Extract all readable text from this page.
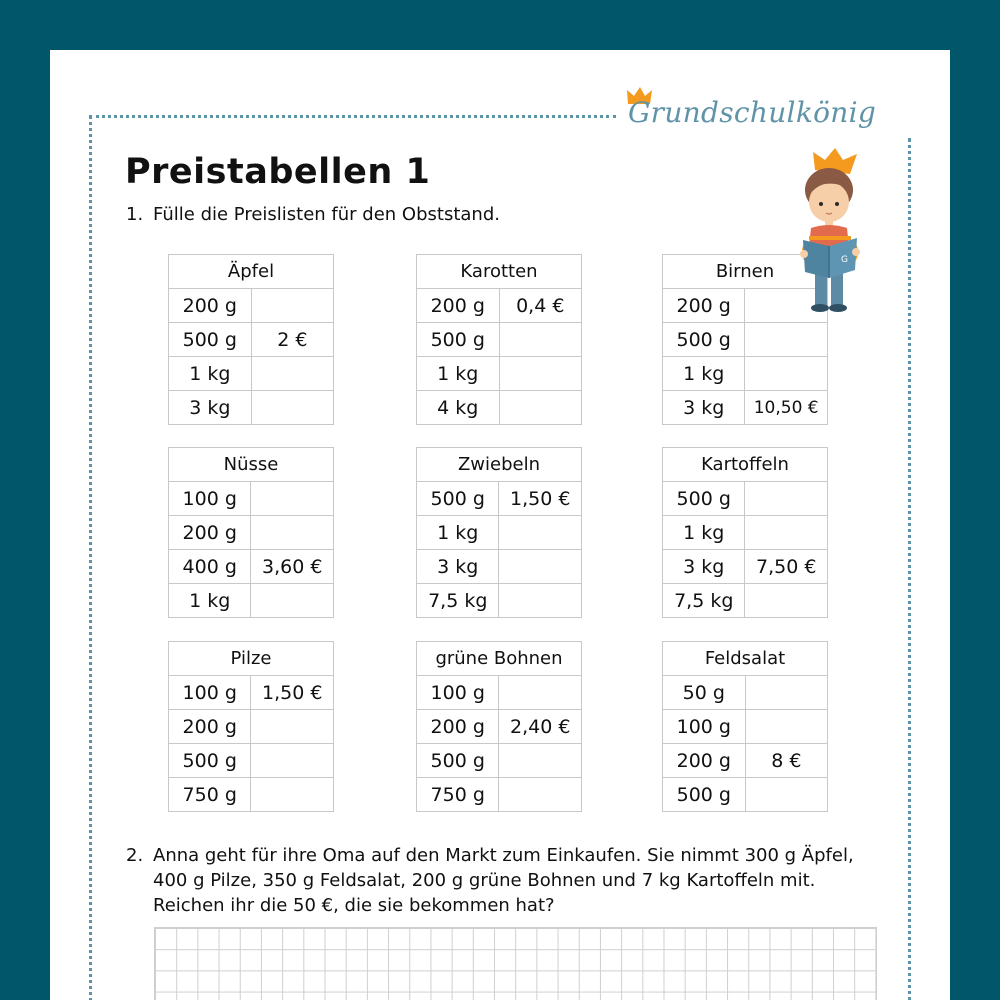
Grundschulkönig
Preistabellen 1
1. Fülle die Preislisten für den Obststand.
Äpfel	
200 g	
500 g	2 €
1 kg	
3 kg	
Karotten	
200 g	0,4 €
500 g	
1 kg	
4 kg	
Birnen	
200 g	
500 g	
1 kg	
3 kg	10,50 €
Nüsse	
100 g	
200 g	
400 g	3,60 €
1 kg	
Zwiebeln	
500 g	1,50 €
1 kg	
3 kg	
7,5 kg	
Kartoffeln	
500 g	
1 kg	
3 kg	7,50 €
7,5 kg	
Pilze	
100 g	1,50 €
200 g	
500 g	
750 g	
grüne Bohnen	
100 g	
200 g	2,40 €
500 g	
750 g	
Feldsalat	
50 g	
100 g	
200 g	8 €
500 g	
G
2. Anna geht für ihre Oma auf den Markt zum Einkaufen. Sie nimmt 300 g Äpfel,
400 g Pilze, 350 g Feldsalat, 200 g grüne Bohnen und 7 kg Kartoffeln mit.
Reichen ihr die 50 €, die sie bekommen hat?
